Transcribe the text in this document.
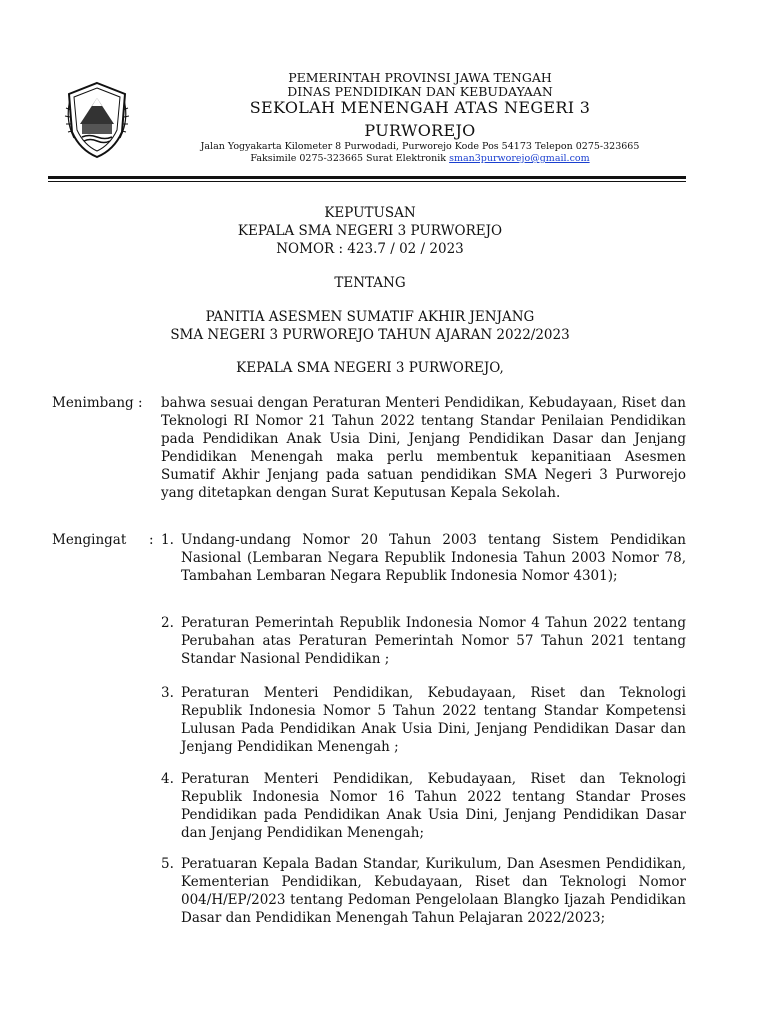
PEMERINTAH PROVINSI JAWA TENGAH
DINAS PENDIDIKAN DAN KEBUDAYAAN
SEKOLAH MENENGAH ATAS NEGERI 3
PURWOREJO
Jalan Yogyakarta Kilometer 8 Purwodadi, Purworejo Kode Pos 54173 Telepon 0275-323665
Faksimile 0275-323665 Surat Elektronik sman3purworejo@gmail.com
KEPUTUSAN
KEPALA SMA NEGERI 3 PURWOREJO
NOMOR : 423.7 / 02 / 2023
TENTANG
PANITIA ASESMEN SUMATIF AKHIR JENJANG
SMA NEGERI 3 PURWOREJO TAHUN AJARAN 2022/2023
KEPALA SMA NEGERI 3 PURWOREJO,
Menimbang : bahwa sesuai dengan Peraturan Menteri Pendidikan, Kebudayaan, Riset dan Teknologi RI Nomor 21 Tahun 2022 tentang Standar Penilaian Pendidikan pada Pendidikan Anak Usia Dini, Jenjang Pendidikan Dasar dan Jenjang Pendidikan Menengah maka perlu membentuk kepanitiaan Asesmen Sumatif Akhir Jenjang pada satuan pendidikan SMA Negeri 3 Purworejo yang ditetapkan dengan Surat Keputusan Kepala Sekolah.
Mengingat : 1. Undang-undang Nomor 20 Tahun 2003 tentang Sistem Pendidikan Nasional (Lembaran Negara Republik Indonesia Tahun 2003 Nomor 78, Tambahan Lembaran Negara Republik Indonesia Nomor 4301);
2. Peraturan Pemerintah Republik Indonesia Nomor 4 Tahun 2022 tentang Perubahan atas Peraturan Pemerintah Nomor 57 Tahun 2021 tentang Standar Nasional Pendidikan ;
3. Peraturan Menteri Pendidikan, Kebudayaan, Riset dan Teknologi Republik Indonesia Nomor 5 Tahun 2022 tentang Standar Kompetensi Lulusan Pada Pendidikan Anak Usia Dini, Jenjang Pendidikan Dasar dan Jenjang Pendidikan Menengah ;
4. Peraturan Menteri Pendidikan, Kebudayaan, Riset dan Teknologi Republik Indonesia Nomor 16 Tahun 2022 tentang Standar Proses Pendidikan pada Pendidikan Anak Usia Dini, Jenjang Pendidikan Dasar dan Jenjang Pendidikan Menengah;
5. Peratuaran Kepala Badan Standar, Kurikulum, Dan Asesmen Pendidikan, Kementerian Pendidikan, Kebudayaan, Riset dan Teknologi Nomor 004/H/EP/2023 tentang Pedoman Pengelolaan Blangko Ijazah Pendidikan Dasar dan Pendidikan Menengah Tahun Pelajaran 2022/2023;
